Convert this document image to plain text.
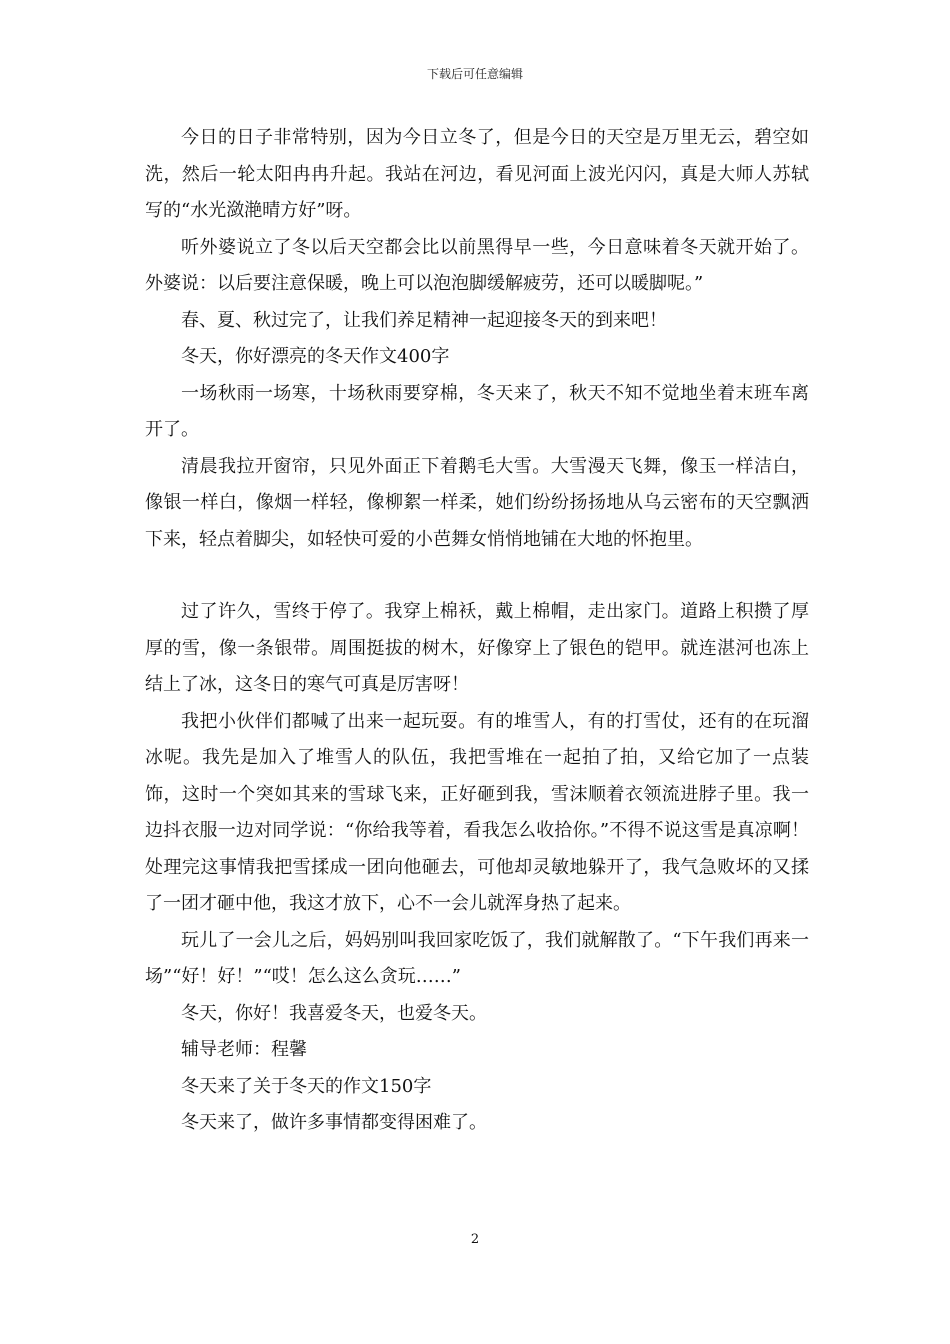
下载后可任意编辑

今日的日子非常特别，因为今日立冬了，但是今日的天空是万里无云，碧空如洗，然后一轮太阳冉冉升起。我站在河边，看见河面上波光闪闪，真是大师人苏轼写的“水光潋滟晴方好”呀。

听外婆说立了冬以后天空都会比以前黑得早一些，今日意味着冬天就开始了。外婆说：以后要注意保暖，晚上可以泡泡脚缓解疲劳，还可以暖脚呢。”

春、夏、秋过完了，让我们养足精神一起迎接冬天的到来吧！

冬天，你好漂亮的冬天作文400字

一场秋雨一场寒，十场秋雨要穿棉，冬天来了，秋天不知不觉地坐着末班车离开了。

清晨我拉开窗帘，只见外面正下着鹅毛大雪。大雪漫天飞舞，像玉一样洁白，像银一样白，像烟一样轻，像柳絮一样柔，她们纷纷扬扬地从乌云密布的天空飘洒下来，轻点着脚尖，如轻快可爱的小芭舞女悄悄地铺在大地的怀抱里。

过了许久，雪终于停了。我穿上棉袄，戴上棉帽，走出家门。道路上积攒了厚厚的雪，像一条银带。周围挺拔的树木，好像穿上了银色的铠甲。就连湛河也冻上结上了冰，这冬日的寒气可真是厉害呀！

我把小伙伴们都喊了出来一起玩耍。有的堆雪人，有的打雪仗，还有的在玩溜冰呢。我先是加入了堆雪人的队伍，我把雪堆在一起拍了拍，又给它加了一点装饰，这时一个突如其来的雪球飞来，正好砸到我，雪沫顺着衣领流进脖子里。我一边抖衣服一边对同学说：“你给我等着，看我怎么收拾你。”不得不说这雪是真凉啊！处理完这事情我把雪揉成一团向他砸去，可他却灵敏地躲开了，我气急败坏的又揉了一团才砸中他，我这才放下，心不一会儿就浑身热了起来。

玩儿了一会儿之后，妈妈别叫我回家吃饭了，我们就解散了。“下午我们再来一场”“好！好！”“哎！怎么这么贪玩……”

冬天，你好！我喜爱冬天，也爱冬天。

辅导老师：程馨

冬天来了关于冬天的作文150字

冬天来了，做许多事情都变得困难了。

2
